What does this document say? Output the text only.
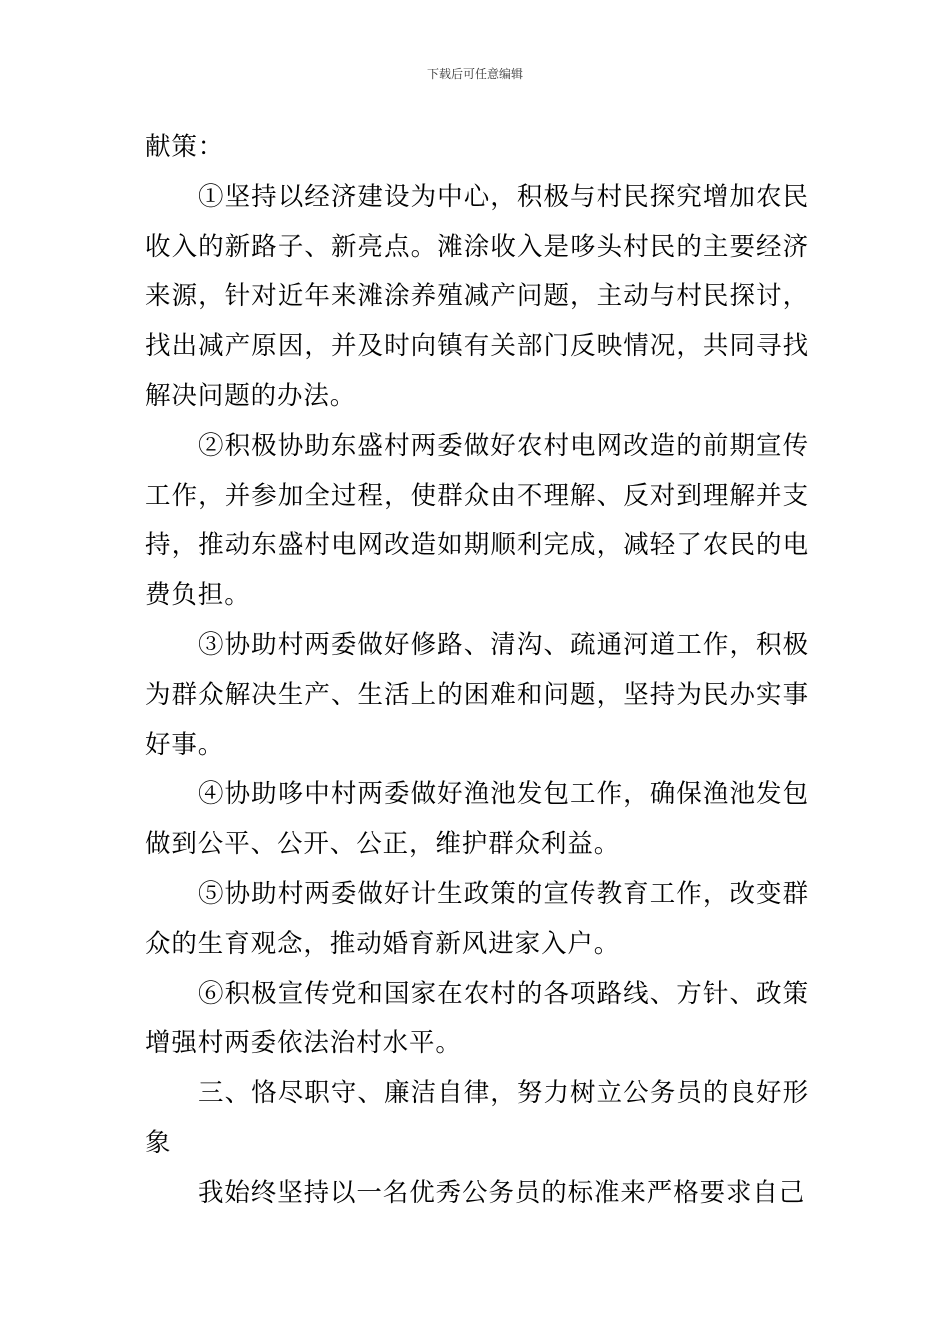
下载后可任意编辑

献策：

①坚持以经济建设为中心，积极与村民探究增加农民收入的新路子、新亮点。滩涂收入是哆头村民的主要经济来源，针对近年来滩涂养殖减产问题，主动与村民探讨，找出减产原因，并及时向镇有关部门反映情况，共同寻找解决问题的办法。

②积极协助东盛村两委做好农村电网改造的前期宣传工作，并参加全过程，使群众由不理解、反对到理解并支持，推动东盛村电网改造如期顺利完成，减轻了农民的电费负担。

③协助村两委做好修路、清沟、疏通河道工作，积极为群众解决生产、生活上的困难和问题，坚持为民办实事好事。

④协助哆中村两委做好渔池发包工作，确保渔池发包做到公平、公开、公正，维护群众利益。

⑤协助村两委做好计生政策的宣传教育工作，改变群众的生育观念，推动婚育新风进家入户。

⑥积极宣传党和国家在农村的各项路线、方针、政策增强村两委依法治村水平。

三、恪尽职守、廉洁自律，努力树立公务员的良好形象

我始终坚持以一名优秀公务员的标准来严格要求自己
